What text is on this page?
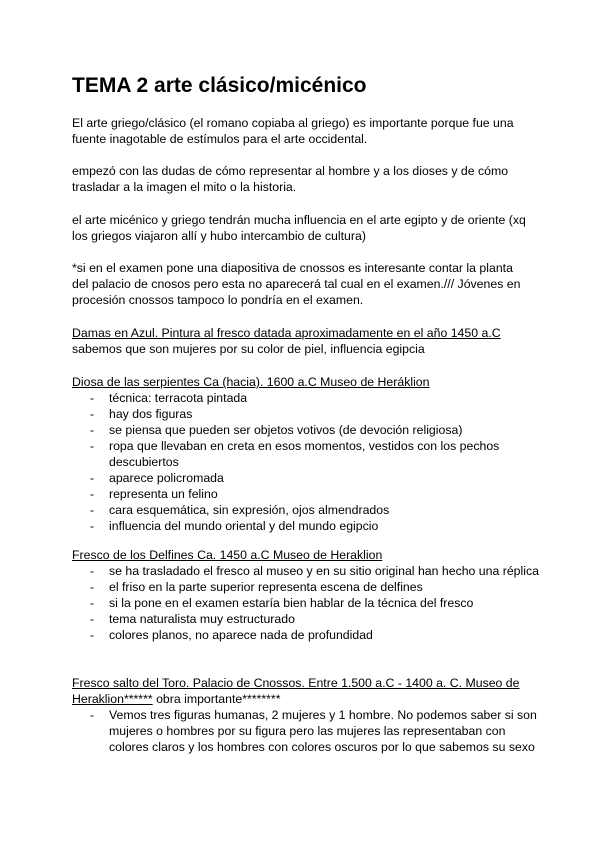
TEMA 2 arte clásico/micénico

El arte griego/clásico (el romano copiaba al griego) es importante porque fue una fuente inagotable de estímulos para el arte occidental.

empezó con las dudas de cómo representar al hombre y a los dioses y de cómo trasladar a la imagen el mito o la historia.

el arte micénico y griego tendrán mucha influencia en el arte egipto y de oriente (xq los griegos viajaron allí y hubo intercambio de cultura)

*si en el examen pone una diapositiva de cnossos es interesante contar la planta del palacio de cnosos pero esta no aparecerá tal cual en el examen./// Jóvenes en procesión cnossos tampoco lo pondría en el examen.

Damas en Azul. Pintura al fresco datada aproximadamente en el año 1450 a.C

sabemos que son mujeres por su color de piel, influencia egipcia

Diosa de las serpientes Ca (hacia). 1600 a.C Museo de Heráklion
- técnica: terracota pintada
- hay dos figuras
- se piensa que pueden ser objetos votivos (de devoción religiosa)
- ropa que llevaban en creta en esos momentos, vestidos con los pechos descubiertos
- aparece policromada
- representa un felino
- cara esquemática, sin expresión, ojos almendrados
- influencia del mundo oriental y del mundo egipcio
Fresco de los Delfines Ca. 1450 a.C Museo de Heraklion
- se ha trasladado el fresco al museo y en su sitio original han hecho una réplica
- el friso en la parte superior representa escena de delfines
- si la pone en el examen estaría bien hablar de la técnica del fresco
- tema naturalista muy estructurado
- colores planos, no aparece nada de profundidad

Fresco salto del Toro. Palacio de Cnossos. Entre 1.500 a.C - 1400 a. C. Museo de Heraklion****** obra importante********

- Vemos tres figuras humanas, 2 mujeres y 1 hombre. No podemos saber si son mujeres o hombres por su figura pero las mujeres las representaban con colores claros y los hombres con colores oscuros por lo que sabemos su sexo
